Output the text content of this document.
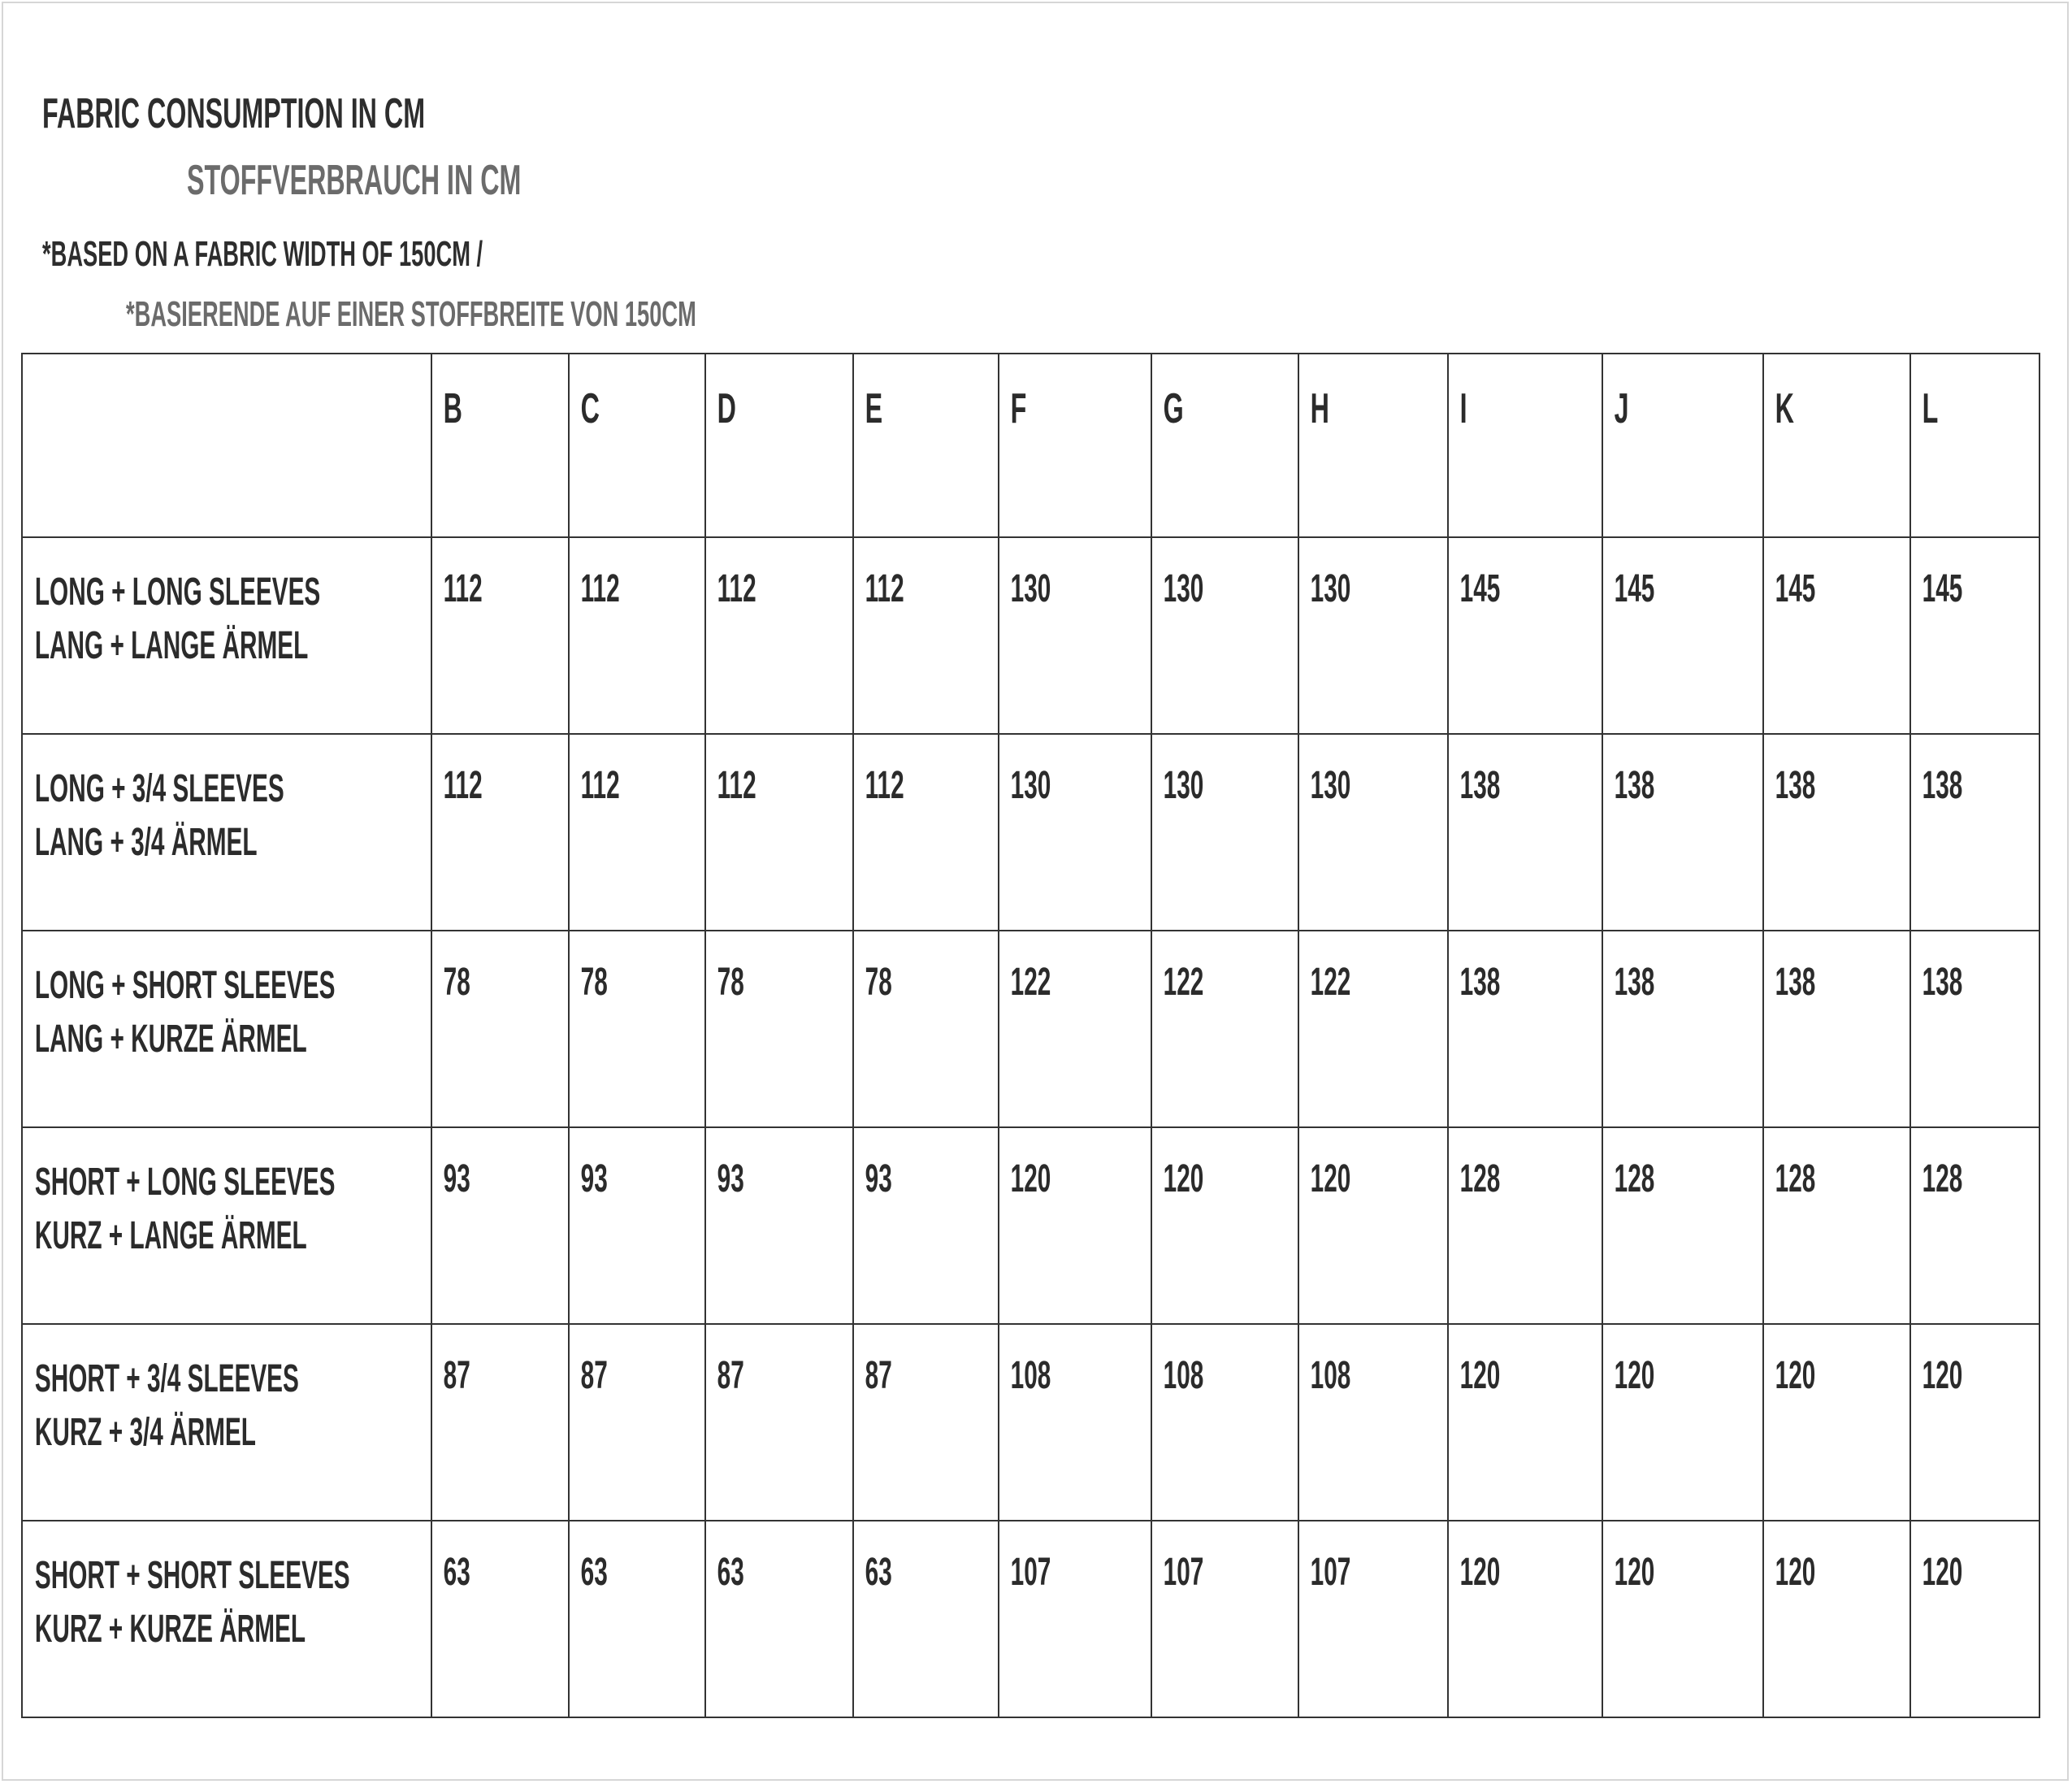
FABRIC CONSUMPTION IN CM
STOFFVERBRAUCH IN CM
*BASED ON A FABRIC WIDTH OF 150CM /
*BASIERENDE AUF EINER STOFFBREITE VON 150CM

	B	C	D	E	F	G	H	I	J	K	L

LONG + LONG SLEEVES
LANG + LANGE ÄRMEL	112	112	112	112	130	130	130	145	145	145	145

LONG + 3/4 SLEEVES
LANG + 3/4 ÄRMEL	112	112	112	112	130	130	130	138	138	138	138

LONG + SHORT SLEEVES
LANG + KURZE ÄRMEL	78	78	78	78	122	122	122	138	138	138	138

SHORT + LONG SLEEVES
KURZ + LANGE ÄRMEL	93	93	93	93	120	120	120	128	128	128	128

SHORT + 3/4 SLEEVES
KURZ + 3/4 ÄRMEL	87	87	87	87	108	108	108	120	120	120	120

SHORT + SHORT SLEEVES
KURZ + KURZE ÄRMEL	63	63	63	63	107	107	107	120	120	120	120
